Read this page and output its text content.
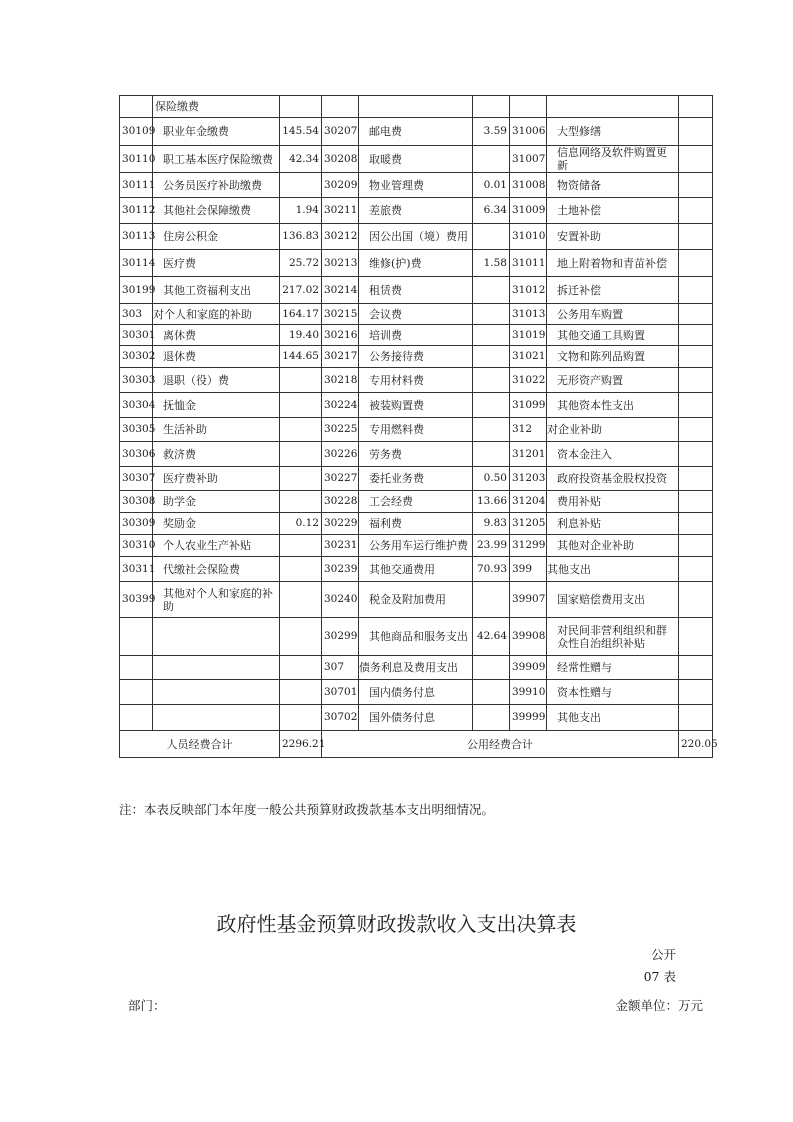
	保险缴费							
30109	职业年金缴费	145.54	30207	邮电费	3.59	31006	大型修缮	
30110	职工基本医疗保险缴费	42.34	30208	取暖费		31007	信息网络及软件购置更新	
30111	公务员医疗补助缴费		30209	物业管理费	0.01	31008	物资储备	
30112	其他社会保障缴费	1.94	30211	差旅费	6.34	31009	土地补偿	
30113	住房公积金	136.83	30212	因公出国（境）费用		31010	安置补助	
30114	医疗费	25.72	30213	维修(护)费	1.58	31011	地上附着物和青苗补偿	
30199	其他工资福利支出	217.02	30214	租赁费		31012	拆迁补偿	
303	对个人和家庭的补助	164.17	30215	会议费		31013	公务用车购置	
30301	离休费	19.40	30216	培训费		31019	其他交通工具购置	
30302	退休费	144.65	30217	公务接待费		31021	文物和陈列品购置	
30303	退职（役）费		30218	专用材料费		31022	无形资产购置	
30304	抚恤金		30224	被装购置费		31099	其他资本性支出	
30305	生活补助		30225	专用燃料费		312	对企业补助	
30306	救济费		30226	劳务费		31201	资本金注入	
30307	医疗费补助		30227	委托业务费	0.50	31203	政府投资基金股权投资	
30308	助学金		30228	工会经费	13.66	31204	费用补贴	
30309	奖励金	0.12	30229	福利费	9.83	31205	利息补贴	
30310	个人农业生产补贴		30231	公务用车运行维护费	23.99	31299	其他对企业补助	
30311	代缴社会保险费		30239	其他交通费用	70.93	399	其他支出	
30399	其他对个人和家庭的补助		30240	税金及附加费用		39907	国家赔偿费用支出	
			30299	其他商品和服务支出	42.64	39908	对民间非营利组织和群众性自治组织补贴	
			307	债务利息及费用支出		39909	经常性赠与	
			30701	国内债务付息		39910	资本性赠与	
			30702	国外债务付息		39999	其他支出	
人员经费合计		2296.21	公用经费合计					220.05
注：本表反映部门本年度一般公共预算财政拨款基本支出明细情况。
政府性基金预算财政拨款收入支出决算表
公开
07 表
部门：	金额单位：万元
